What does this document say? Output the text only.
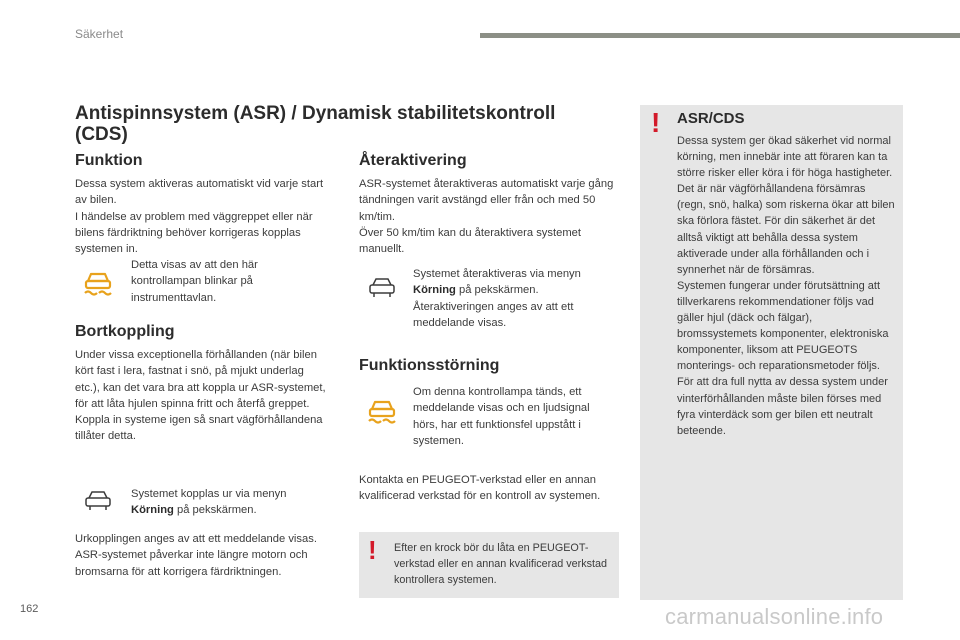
Säkerhet
Antispinnsystem (ASR) / Dynamisk stabilitetskontroll (CDS)
Funktion
Dessa system aktiveras automatiskt vid varje start av bilen.
I händelse av problem med väggreppet eller när bilens färdriktning behöver korrigeras kopplas systemen in.
Detta visas av att den här kontrollampan blinkar på instrumenttavlan.
Bortkoppling
Under vissa exceptionella förhållanden (när bilen kört fast i lera, fastnat i snö, på mjukt underlag etc.), kan det vara bra att koppla ur ASR-systemet, för att låta hjulen spinna fritt och återfå greppet.
Koppla in systeme igen så snart vägförhållandena tillåter detta.
Systemet kopplas ur via menyn Körning på pekskärmen.
Urkopplingen anges av att ett meddelande visas.
ASR-systemet påverkar inte längre motorn och bromsarna för att korrigera färdriktningen.
Återaktivering
ASR-systemet återaktiveras automatiskt varje gång tändningen varit avstängd eller från och med 50 km/tim.
Över 50 km/tim kan du återaktivera systemet manuellt.
Systemet återaktiveras via menyn Körning på pekskärmen.
Återaktiveringen anges av att ett meddelande visas.
Funktionsstörning
Om denna kontrollampa tänds, ett meddelande visas och en ljudsignal hörs, har ett funktionsfel uppstått i systemen.
Kontakta en PEUGEOT-verkstad eller en annan kvalificerad verkstad för en kontroll av systemen.
! Efter en krock bör du låta en PEUGEOT-verkstad eller en annan kvalificerad verkstad kontrollera systemen.
! ASR/CDS
Dessa system ger ökad säkerhet vid normal körning, men innebär inte att föraren kan ta större risker eller köra i för höga hastigheter.
Det är när vägförhållandena försämras (regn, snö, halka) som riskerna ökar att bilen ska förlora fästet. För din säkerhet är det alltså viktigt att behålla dessa system aktiverade under alla förhållanden och i synnerhet när de försämras.
Systemen fungerar under förutsättning att tillverkarens rekommendationer följs vad gäller hjul (däck och fälgar), bromssystemets komponenter, elektroniska komponenter, liksom att PEUGEOTS monterings- och reparationsmetoder följs.
För att dra full nytta av dessa system under vinterförhållanden måste bilen förses med fyra vinterdäck som ger bilen ett neutralt beteende.
162	carmanualsonline.info
